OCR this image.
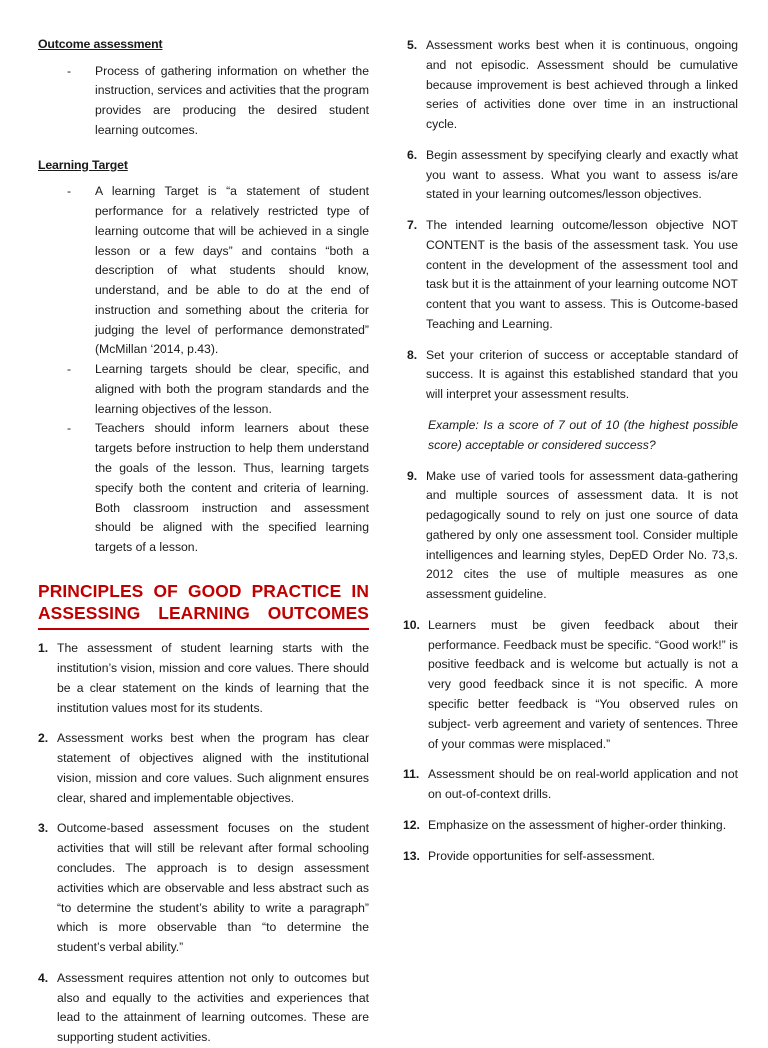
Outcome assessment
- Process of gathering information on whether the instruction, services and activities that the program provides are producing the desired student learning outcomes.
Learning Target
- A learning Target is “a statement of student performance for a relatively restricted type of learning outcome that will be achieved in a single lesson or a few days” and contains “both a description of what students should know, understand, and be able to do at the end of instruction and something about the criteria for judging the level of performance demonstrated” (McMillan ‘2014, p.43).
- Learning targets should be clear, specific, and aligned with both the program standards and the learning objectives of the lesson.
- Teachers should inform learners about these targets before instruction to help them understand the goals of the lesson. Thus, learning targets specify both the content and criteria of learning. Both classroom instruction and assessment should be aligned with the specified learning targets of a lesson.
PRINCIPLES OF GOOD PRACTICE IN ASSESSING LEARNING OUTCOMES
1. The assessment of student learning starts with the institution’s vision, mission and core values. There should be a clear statement on the kinds of learning that the institution values most for its students.
2. Assessment works best when the program has clear statement of objectives aligned with the institutional vision, mission and core values. Such alignment ensures clear, shared and implementable objectives.
3. Outcome-based assessment focuses on the student activities that will still be relevant after formal schooling concludes. The approach is to design assessment activities which are observable and less abstract such as “to determine the student’s ability to write a paragraph” which is more observable than “to determine the student’s verbal ability.”
4. Assessment requires attention not only to outcomes but also and equally to the activities and experiences that lead to the attainment of learning outcomes. These are supporting student activities.
5. Assessment works best when it is continuous, ongoing and not episodic. Assessment should be cumulative because improvement is best achieved through a linked series of activities done over time in an instructional cycle.
6. Begin assessment by specifying clearly and exactly what you want to assess. What you want to assess is/are stated in your learning outcomes/lesson objectives.
7. The intended learning outcome/lesson objective NOT CONTENT is the basis of the assessment task. You use content in the development of the assessment tool and task but it is the attainment of your learning outcome NOT content that you want to assess. This is Outcome-based Teaching and Learning.
8. Set your criterion of success or acceptable standard of success. It is against this established standard that you will interpret your assessment results.

Example: Is a score of 7 out of 10 (the highest possible score) acceptable or considered success?

9. Make use of varied tools for assessment data-gathering and multiple sources of assessment data. It is not pedagogically sound to rely on just one source of data gathered by only one assessment tool. Consider multiple intelligences and learning styles, DepED Order No. 73,s. 2012 cites the use of multiple measures as one assessment guideline.
10. Learners must be given feedback about their performance. Feedback must be specific. “Good work!” is positive feedback and is welcome but actually is not a very good feedback since it is not specific. A more specific better feedback is “You observed rules on subject- verb agreement and variety of sentences. Three of your commas were misplaced.”
11. Assessment should be on real-world application and not on out-of-context drills.
12. Emphasize on the assessment of higher-order thinking.
13. Provide opportunities for self-assessment.
